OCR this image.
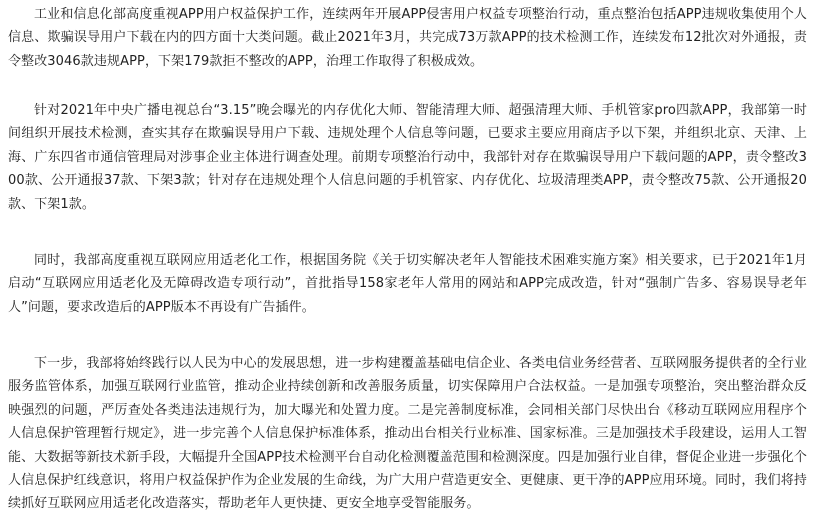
工业和信息化部高度重视APP用户权益保护工作，连续两年开展APP侵害用户权益专项整治行动，重点整治包括APP违规收集使用个人信息、欺骗误导用户下载在内的四方面十大类问题。截止2021年3月，共完成73万款APP的技术检测工作，连续发布12批次对外通报，责令整改3046款违规APP，下架179款拒不整改的APP，治理工作取得了积极成效。

针对2021年中央广播电视总台“3.15”晚会曝光的内存优化大师、智能清理大师、超强清理大师、手机管家pro四款APP，我部第一时间组织开展技术检测，查实其存在欺骗误导用户下载、违规处理个人信息等问题，已要求主要应用商店予以下架，并组织北京、天津、上海、广东四省市通信管理局对涉事企业主体进行调查处理。前期专项整治行动中，我部针对存在欺骗误导用户下载问题的APP，责令整改300款、公开通报37款、下架3款；针对存在违规处理个人信息问题的手机管家、内存优化、垃圾清理类APP，责令整改75款、公开通报20款、下架1款。

同时，我部高度重视互联网应用适老化工作，根据国务院《关于切实解决老年人智能技术困难实施方案》相关要求，已于2021年1月启动“互联网应用适老化及无障碍改造专项行动”，首批指导158家老年人常用的网站和APP完成改造，针对“强制广告多、容易误导老年人”问题，要求改造后的APP版本不再设有广告插件。

下一步，我部将始终践行以人民为中心的发展思想，进一步构建覆盖基础电信企业、各类电信业务经营者、互联网服务提供者的全行业服务监管体系，加强互联网行业监管，推动企业持续创新和改善服务质量，切实保障用户合法权益。一是加强专项整治，突出整治群众反映强烈的问题，严厉查处各类违法违规行为，加大曝光和处置力度。二是完善制度标准，会同相关部门尽快出台《移动互联网应用程序个人信息保护管理暂行规定》，进一步完善个人信息保护标准体系，推动出台相关行业标准、国家标准。三是加强技术手段建设，运用人工智能、大数据等新技术新手段，大幅提升全国APP技术检测平台自动化检测覆盖范围和检测深度。四是加强行业自律，督促企业进一步强化个人信息保护红线意识，将用户权益保护作为企业发展的生命线，为广大用户营造更安全、更健康、更干净的APP应用环境。同时，我们将持续抓好互联网应用适老化改造落实，帮助老年人更快捷、更安全地享受智能服务。
